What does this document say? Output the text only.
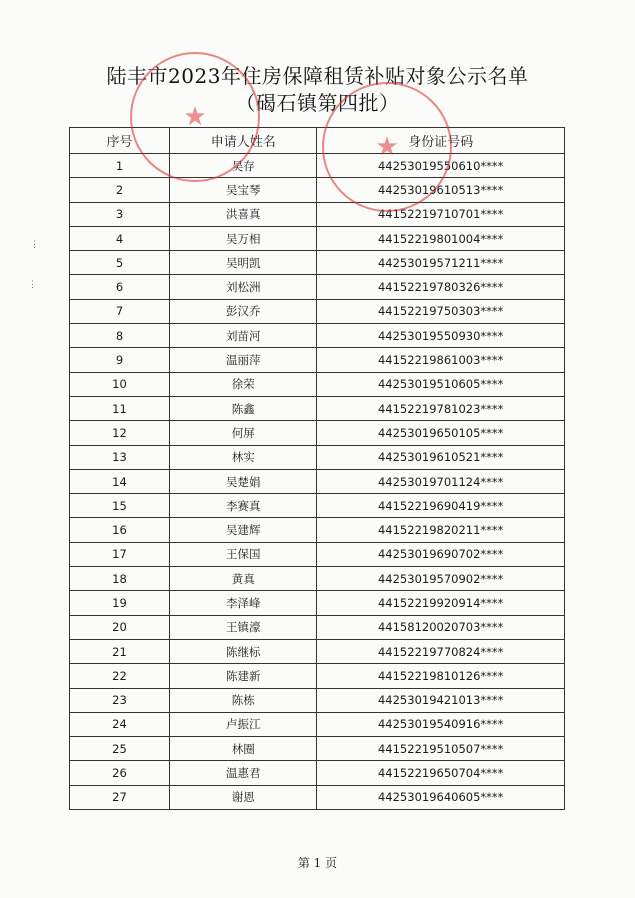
陆丰市2023年住房保障租赁补贴对象公示名单
（碣石镇第四批）
序号	申请人姓名	身份证号码
1	吴存	44253019550610****
2	吴宝琴	44253019610513****
3	洪喜真	44152219710701****
4	吴万相	44152219801004****
5	吴明凯	44253019571211****
6	刘松洲	44152219780326****
7	彭汉乔	44152219750303****
8	刘苗河	44253019550930****
9	温丽萍	44152219861003****
10	徐荣	44253019510605****
11	陈鑫	44152219781023****
12	何屏	44253019650105****
13	林实	44253019610521****
14	吴楚娟	44253019701124****
15	李赛真	44152219690419****
16	吴建辉	44152219820211****
17	王保国	44253019690702****
18	黄真	44253019570902****
19	李泽峰	44152219920914****
20	王镇濠	44158120020703****
21	陈继标	44152219770824****
22	陈建新	44152219810126****
23	陈栋	44253019421013****
24	卢振江	44253019540916****
25	林圈	44152219510507****
26	温惠君	44152219650704****
27	谢恩	44253019640605****
★
★
⋮
⋮
第 1 页
